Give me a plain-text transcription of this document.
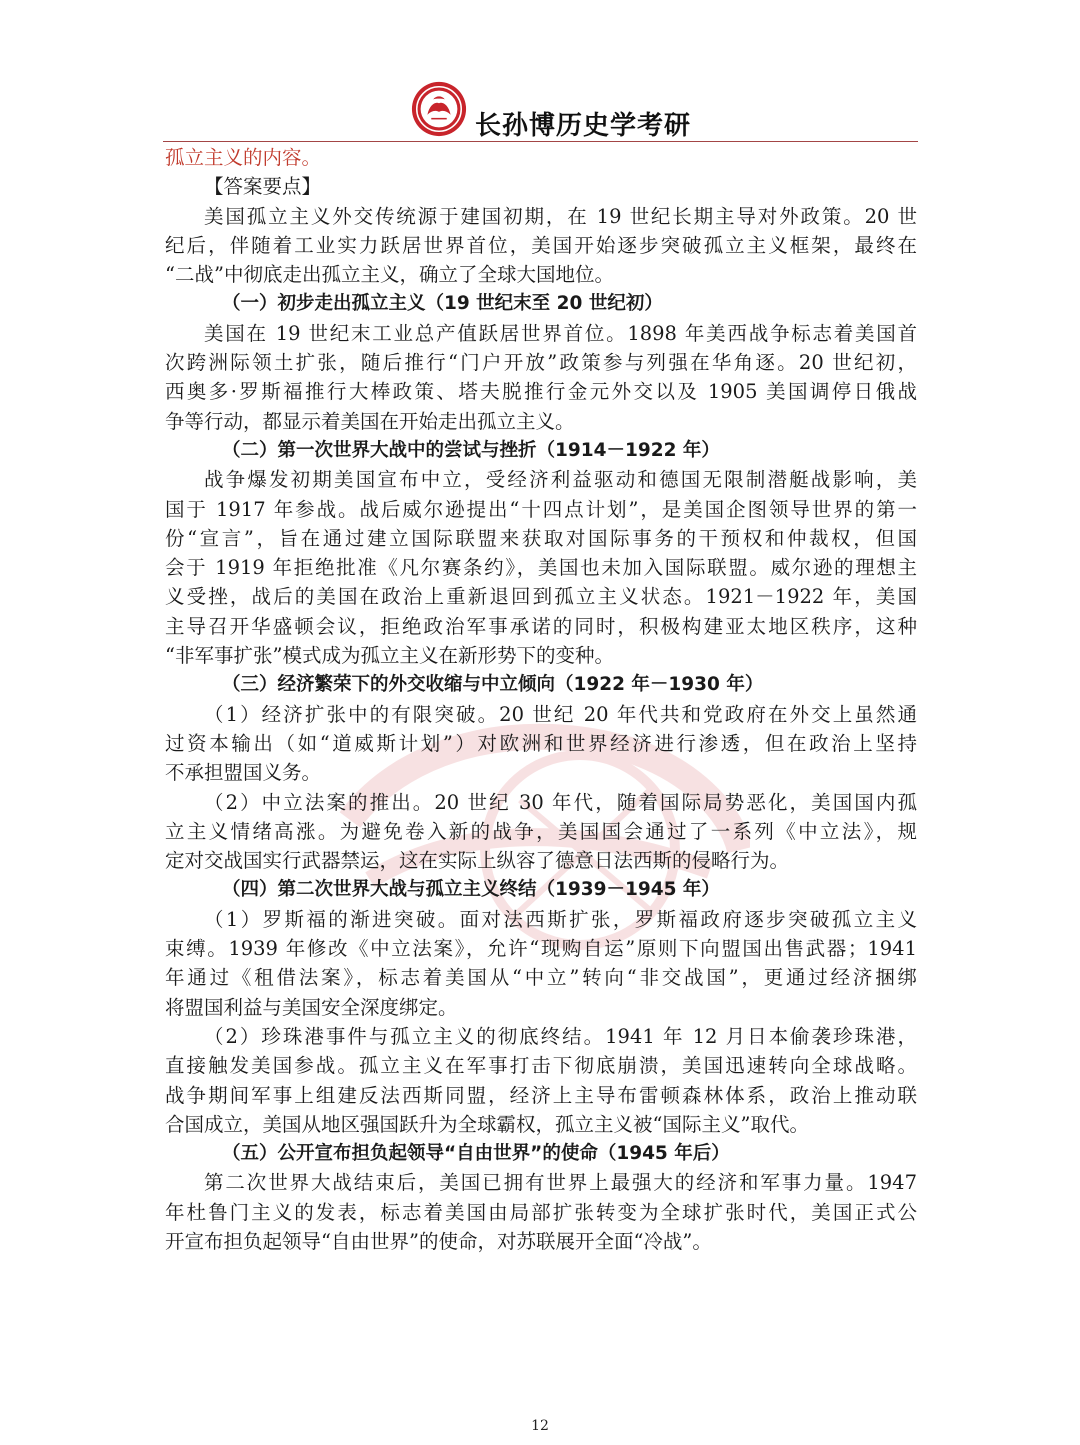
长孙博历史学考研
孤立主义的内容。
【答案要点】
美国孤立主义外交传统源于建国初期，在 19 世纪长期主导对外政策。20 世
纪后，伴随着工业实力跃居世界首位，美国开始逐步突破孤立主义框架，最终在
“二战”中彻底走出孤立主义，确立了全球大国地位。
（一）初步走出孤立主义（19 世纪末至 20 世纪初）
美国在 19 世纪末工业总产值跃居世界首位。1898 年美西战争标志着美国首
次跨洲际领土扩张，随后推行“门户开放”政策参与列强在华角逐。20 世纪初，
西奥多·罗斯福推行大棒政策、塔夫脱推行金元外交以及 1905 美国调停日俄战
争等行动，都显示着美国在开始走出孤立主义。
（二）第一次世界大战中的尝试与挫折（1914－1922 年）
战争爆发初期美国宣布中立，受经济利益驱动和德国无限制潜艇战影响，美
国于 1917 年参战。战后威尔逊提出“十四点计划”，是美国企图领导世界的第一
份“宣言”，旨在通过建立国际联盟来获取对国际事务的干预权和仲裁权，但国
会于 1919 年拒绝批准《凡尔赛条约》，美国也未加入国际联盟。威尔逊的理想主
义受挫，战后的美国在政治上重新退回到孤立主义状态。1921－1922 年，美国
主导召开华盛顿会议，拒绝政治军事承诺的同时，积极构建亚太地区秩序，这种
“非军事扩张”模式成为孤立主义在新形势下的变种。
（三）经济繁荣下的外交收缩与中立倾向（1922 年－1930 年）
（1）经济扩张中的有限突破。20 世纪 20 年代共和党政府在外交上虽然通
过资本输出（如“道威斯计划”）对欧洲和世界经济进行渗透，但在政治上坚持
不承担盟国义务。
（2）中立法案的推出。20 世纪 30 年代，随着国际局势恶化，美国国内孤
立主义情绪高涨。为避免卷入新的战争，美国国会通过了一系列《中立法》，规
定对交战国实行武器禁运，这在实际上纵容了德意日法西斯的侵略行为。
（四）第二次世界大战与孤立主义终结（1939－1945 年）
（1）罗斯福的渐进突破。面对法西斯扩张，罗斯福政府逐步突破孤立主义
束缚。1939 年修改《中立法案》，允许“现购自运”原则下向盟国出售武器；1941
年通过《租借法案》，标志着美国从“中立”转向“非交战国”，更通过经济捆绑
将盟国利益与美国安全深度绑定。
（2）珍珠港事件与孤立主义的彻底终结。1941 年 12 月日本偷袭珍珠港，
直接触发美国参战。孤立主义在军事打击下彻底崩溃，美国迅速转向全球战略。
战争期间军事上组建反法西斯同盟，经济上主导布雷顿森林体系，政治上推动联
合国成立，美国从地区强国跃升为全球霸权，孤立主义被“国际主义”取代。
（五）公开宣布担负起领导“自由世界”的使命（1945 年后）
第二次世界大战结束后，美国已拥有世界上最强大的经济和军事力量。1947
年杜鲁门主义的发表，标志着美国由局部扩张转变为全球扩张时代，美国正式公
开宣布担负起领导“自由世界”的使命，对苏联展开全面“冷战”。
12
